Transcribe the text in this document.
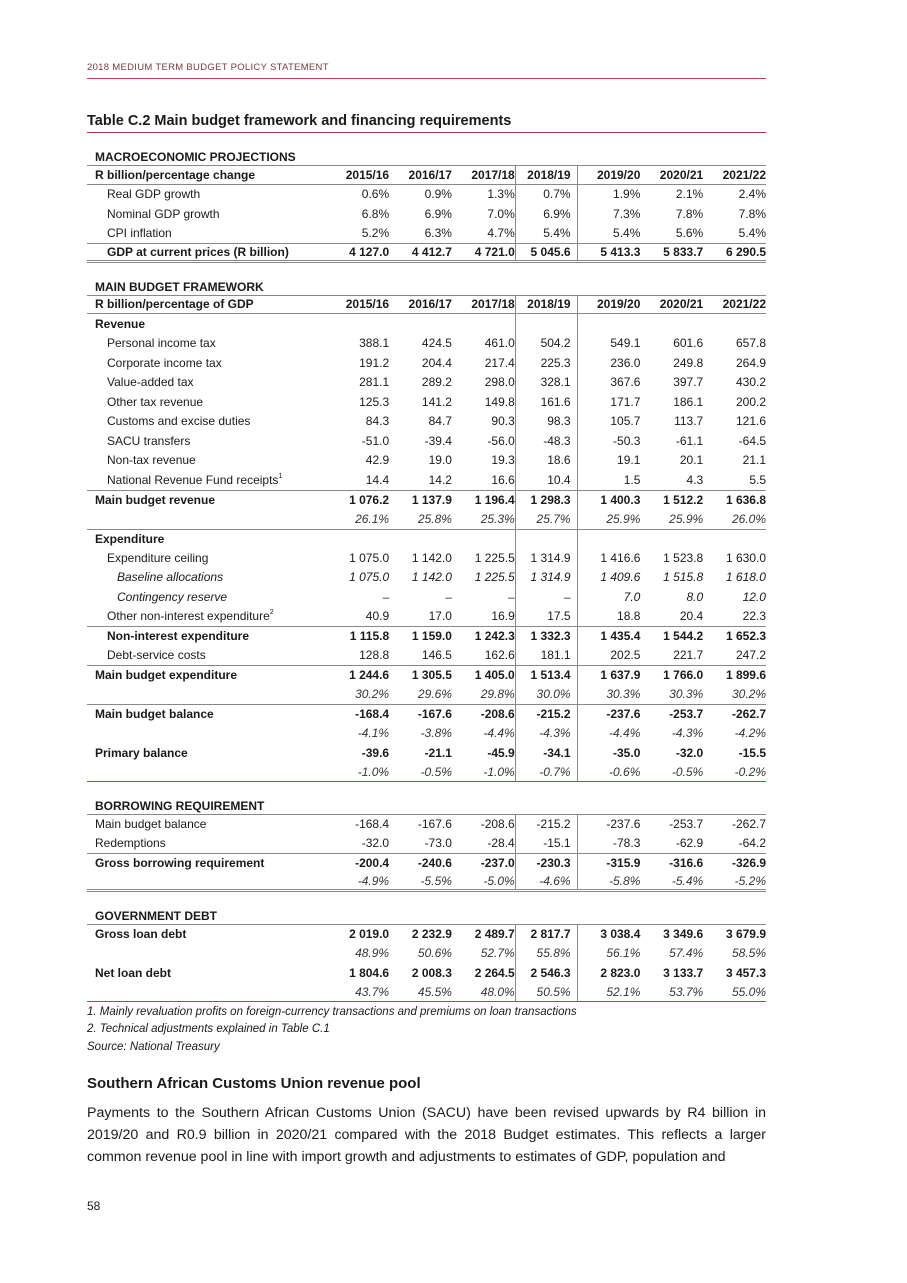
2018 MEDIUM TERM BUDGET POLICY STATEMENT
Table C.2 Main budget framework and financing requirements
MACROECONOMIC PROJECTIONS
R billion/percentage change	2015/16	2016/17	2017/18	2018/19	2019/20	2020/21	2021/22
Real GDP growth	0.6%	0.9%	1.3%	0.7%	1.9%	2.1%	2.4%
Nominal GDP growth	6.8%	6.9%	7.0%	6.9%	7.3%	7.8%	7.8%
CPI inflation	5.2%	6.3%	4.7%	5.4%	5.4%	5.6%	5.4%
GDP at current prices (R billion)	4 127.0	4 412.7	4 721.0	5 045.6	5 413.3	5 833.7	6 290.5
MAIN BUDGET FRAMEWORK
R billion/percentage of GDP	2015/16	2016/17	2017/18	2018/19	2019/20	2020/21	2021/22
Revenue
Personal income tax	388.1	424.5	461.0	504.2	549.1	601.6	657.8
Corporate income tax	191.2	204.4	217.4	225.3	236.0	249.8	264.9
Value-added tax	281.1	289.2	298.0	328.1	367.6	397.7	430.2
Other tax revenue	125.3	141.2	149.8	161.6	171.7	186.1	200.2
Customs and excise duties	84.3	84.7	90.3	98.3	105.7	113.7	121.6
SACU transfers	-51.0	-39.4	-56.0	-48.3	-50.3	-61.1	-64.5
Non-tax revenue	42.9	19.0	19.3	18.6	19.1	20.1	21.1
National Revenue Fund receipts$^1$	14.4	14.2	16.6	10.4	1.5	4.3	5.5
Main budget revenue	1 076.2	1 137.9	1 196.4	1 298.3	1 400.3	1 512.2	1 636.8
26.1%	25.8%	25.3%	25.7%	25.9%	25.9%	26.0%
Expenditure
Expenditure ceiling	1 075.0	1 142.0	1 225.5	1 314.9	1 416.6	1 523.8	1 630.0
Baseline allocations	1 075.0	1 142.0	1 225.5	1 314.9	1 409.6	1 515.8	1 618.0
Contingency reserve	–	–	–	–	7.0	8.0	12.0
Other non-interest expenditure$^2$	40.9	17.0	16.9	17.5	18.8	20.4	22.3
Non-interest expenditure	1 115.8	1 159.0	1 242.3	1 332.3	1 435.4	1 544.2	1 652.3
Debt-service costs	128.8	146.5	162.6	181.1	202.5	221.7	247.2
Main budget expenditure	1 244.6	1 305.5	1 405.0	1 513.4	1 637.9	1 766.0	1 899.6
30.2%	29.6%	29.8%	30.0%	30.3%	30.3%	30.2%
Main budget balance	-168.4	-167.6	-208.6	-215.2	-237.6	-253.7	-262.7
-4.1%	-3.8%	-4.4%	-4.3%	-4.4%	-4.3%	-4.2%
Primary balance	-39.6	-21.1	-45.9	-34.1	-35.0	-32.0	-15.5
-1.0%	-0.5%	-1.0%	-0.7%	-0.6%	-0.5%	-0.2%
BORROWING REQUIREMENT
Main budget balance	-168.4	-167.6	-208.6	-215.2	-237.6	-253.7	-262.7
Redemptions	-32.0	-73.0	-28.4	-15.1	-78.3	-62.9	-64.2
Gross borrowing requirement	-200.4	-240.6	-237.0	-230.3	-315.9	-316.6	-326.9
-4.9%	-5.5%	-5.0%	-4.6%	-5.8%	-5.4%	-5.2%
GOVERNMENT DEBT
Gross loan debt	2 019.0	2 232.9	2 489.7	2 817.7	3 038.4	3 349.6	3 679.9
48.9%	50.6%	52.7%	55.8%	56.1%	57.4%	58.5%
Net loan debt	1 804.6	2 008.3	2 264.5	2 546.3	2 823.0	3 133.7	3 457.3
43.7%	45.5%	48.0%	50.5%	52.1%	53.7%	55.0%
1. Mainly revaluation profits on foreign-currency transactions and premiums on loan transactions
2. Technical adjustments explained in Table C.1
Source: National Treasury
Southern African Customs Union revenue pool
Payments to the Southern African Customs Union (SACU) have been revised upwards by R4 billion in 2019/20 and R0.9 billion in 2020/21 compared with the 2018 Budget estimates. This reflects a larger common revenue pool in line with import growth and adjustments to estimates of GDP, population and
58
